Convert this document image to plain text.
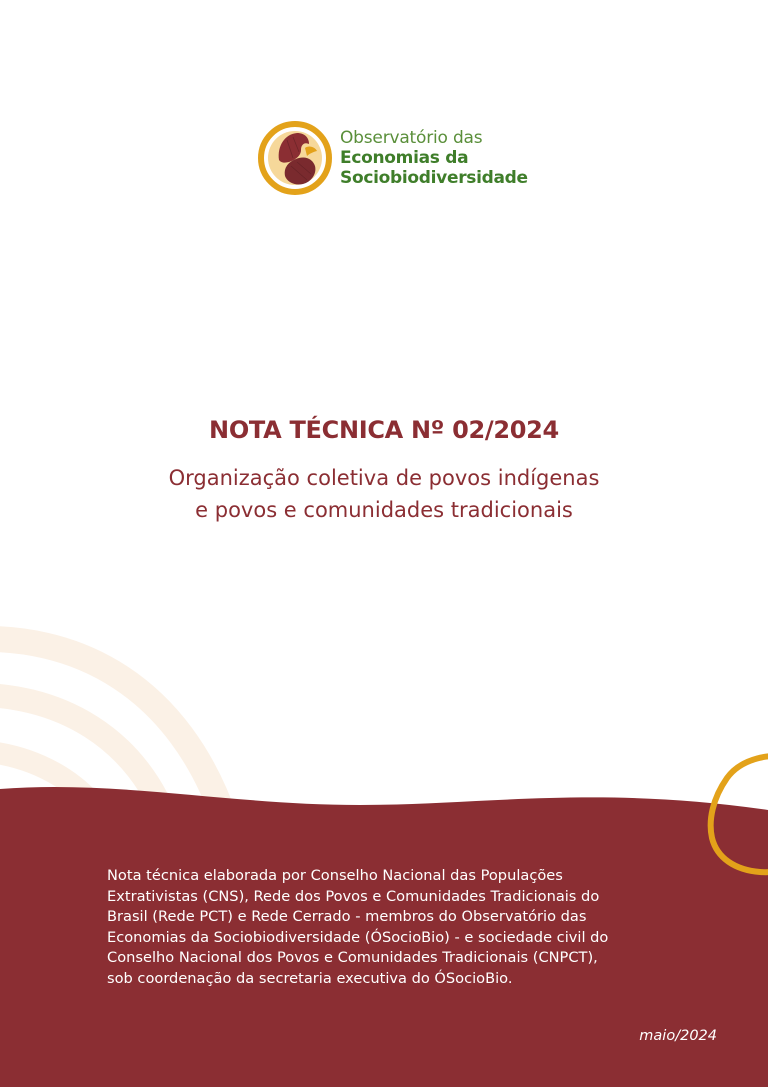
Observatório das
Economias da
Sociobiodiversidade
NOTA TÉCNICA Nº 02/2024
Organização coletiva de povos indígenas
e povos e comunidades tradicionais
Nota técnica elaborada por Conselho Nacional das Populações
Extrativistas (CNS), Rede dos Povos e Comunidades Tradicionais do
Brasil (Rede PCT) e Rede Cerrado - membros do Observatório das
Economias da Sociobiodiversidade (ÓSocioBio) - e sociedade civil do
Conselho Nacional dos Povos e Comunidades Tradicionais (CNPCT),
sob coordenação da secretaria executiva do ÓSocioBio.
maio/2024
